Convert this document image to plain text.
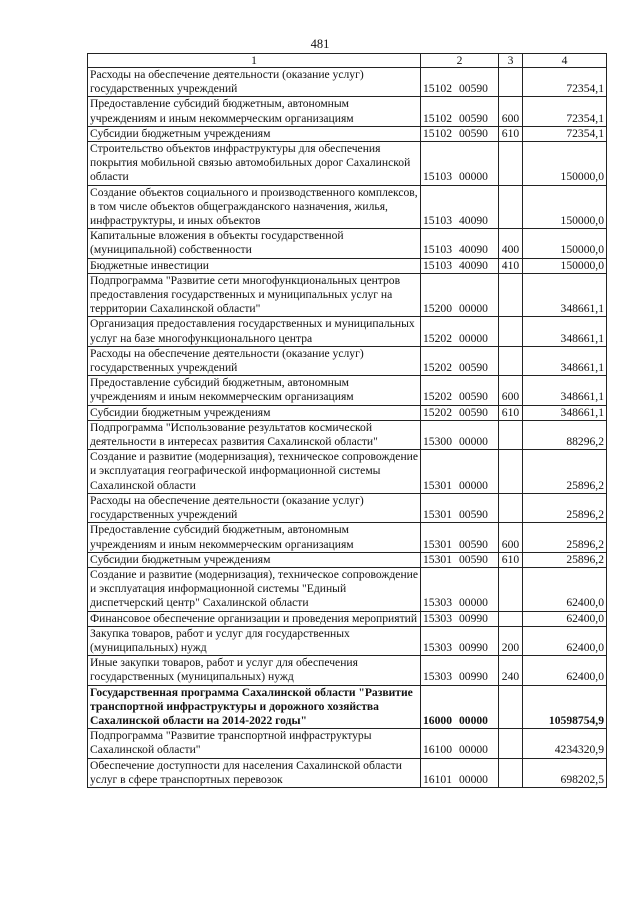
481
1	2	3	4
Расходы на обеспечение деятельности (оказание услуг) государственных учреждений	15102 00590		72354,1
Предоставление субсидий бюджетным, автономным учреждениям и иным некоммерческим организациям	15102 00590	600	72354,1
Субсидии бюджетным учреждениям	15102 00590	610	72354,1
Строительство объектов инфраструктуры для обеспечения покрытия мобильной связью автомобильных дорог Сахалинской области	15103 00000		150000,0
Создание объектов социального и производственного комплексов, в том числе объектов общегражданского назначения, жилья, инфраструктуры, и иных объектов	15103 40090		150000,0
Капитальные вложения в объекты государственной (муниципальной) собственности	15103 40090	400	150000,0
Бюджетные инвестиции	15103 40090	410	150000,0
Подпрограмма "Развитие сети многофункциональных центров предоставления государственных и муниципальных услуг на территории Сахалинской области"	15200 00000		348661,1
Организация предоставления государственных и муниципальных услуг на базе многофункционального центра	15202 00000		348661,1
Расходы на обеспечение деятельности (оказание услуг) государственных учреждений	15202 00590		348661,1
Предоставление субсидий бюджетным, автономным учреждениям и иным некоммерческим организациям	15202 00590	600	348661,1
Субсидии бюджетным учреждениям	15202 00590	610	348661,1
Подпрограмма "Использование результатов космической деятельности в интересах развития Сахалинской области"	15300 00000		88296,2
Создание и развитие (модернизация), техническое сопровождение и эксплуатация географической информационной системы Сахалинской области	15301 00000		25896,2
Расходы на обеспечение деятельности (оказание услуг) государственных учреждений	15301 00590		25896,2
Предоставление субсидий бюджетным, автономным учреждениям и иным некоммерческим организациям	15301 00590	600	25896,2
Субсидии бюджетным учреждениям	15301 00590	610	25896,2
Создание и развитие (модернизация), техническое сопровождение и эксплуатация информационной системы "Единый диспетчерский центр" Сахалинской области	15303 00000		62400,0
Финансовое обеспечение организации и проведения мероприятий	15303 00990		62400,0
Закупка товаров, работ и услуг для государственных (муниципальных) нужд	15303 00990	200	62400,0
Иные закупки товаров, работ и услуг для обеспечения государственных (муниципальных) нужд	15303 00990	240	62400,0
Государственная программа Сахалинской области "Развитие транспортной инфраструктуры и дорожного хозяйства Сахалинской области на 2014-2022 годы"	16000 00000		10598754,9
Подпрограмма "Развитие транспортной инфраструктуры Сахалинской области"	16100 00000		4234320,9
Обеспечение доступности для населения Сахалинской области услуг в сфере транспортных перевозок	16101 00000		698202,5
